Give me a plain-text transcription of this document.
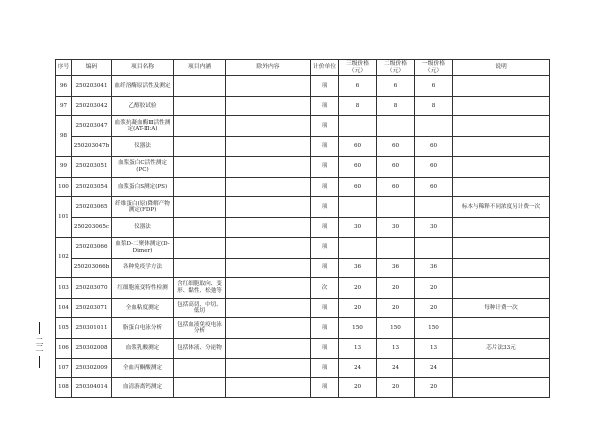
二二
序号	编码	项目名称	项目内涵	除外内容	计价单位	三级价格（元）	二级价格（元）	一级价格（元）	说明
96	250203041	血纤溶酶原活性及测定			项	6	6	6	
97	250203042	乙醇胶试验			项	8	8	8	
98	250203047	血浆抗凝血酶Ⅲ活性测定(AT-Ⅲ:A)			项				
	250203047b	仪器法			项	60	60	60	
99	250203051	血浆蛋白C活性测定(PC)			项	60	60	60	
100	250203054	血浆蛋白S测定(PS)			项	60	60	60	
101	250203065	纤维蛋白(原)降解产物测定(FDP)			项				标本与稀释不同浓度另计费一次
	250203065c	仪器法			项	30	30	30	
102	250203066	血浆D-二聚体测定(D-Dimer)			项				
	250203066b	各种免疫学方法			项	36	36	36	
103	250203070	红细胞流变特性检测	含红细胞取向、变形、黏性、松弛等		次	20	20	20	
104	250203071	全血粘度测定	包括高切、中切、低切		项	20	20	20	每种计费一次
105	250301011	脂蛋白电泳分析	包括血液免疫电泳分析		项	150	150	150	
106	250302008	血浆乳酸测定	包括体液、分泌物		项	13	13	13	芯片法33元
107	250302009	全血丙酮酸测定			项	24	24	24	
108	250304014	血清游离钙测定			项	20	20	20	
